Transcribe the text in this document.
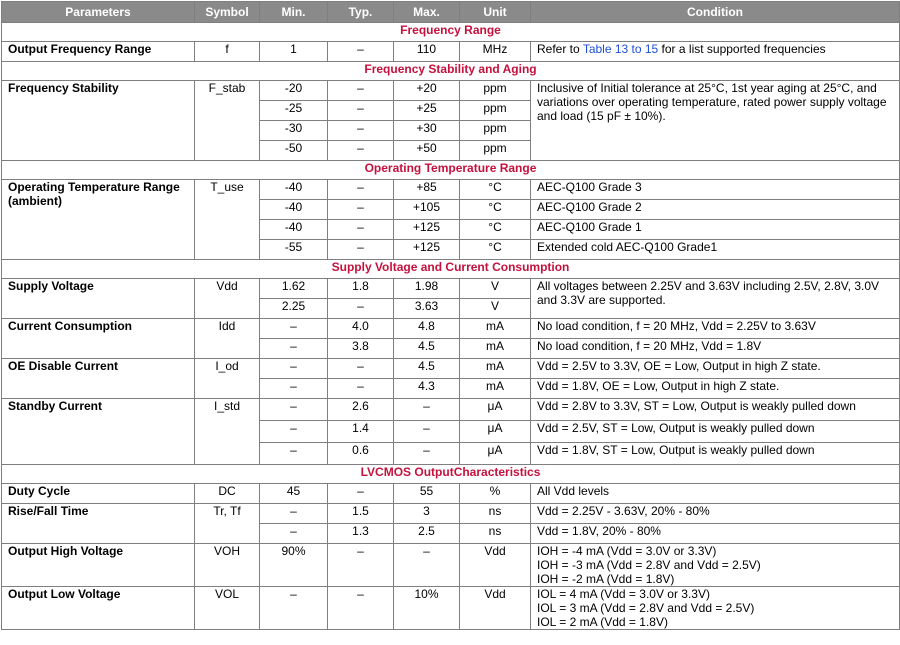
Parameters	Symbol	Min.	Typ.	Max.	Unit	Condition
Frequency Range						
Output Frequency Range	f	1	–	110	MHz	Refer to Table 13 to 15 for a list supported frequencies
Frequency Stability and Aging						
Frequency Stability	F_stab	-20	–	+20	ppm	Inclusive of Initial tolerance at 25°C, 1st year aging at 25°C, and variations over operating temperature, rated power supply voltage and load (15 pF ± 10%).
		-25	–	+25	ppm	
		-30	–	+30	ppm	
		-50	–	+50	ppm	
Operating Temperature Range						
Operating Temperature Range (ambient)	T_use	-40	–	+85	°C	AEC-Q100 Grade 3
		-40	–	+105	°C	AEC-Q100 Grade 2
		-40	–	+125	°C	AEC-Q100 Grade 1
		-55	–	+125	°C	Extended cold AEC-Q100 Grade1
Supply Voltage and Current Consumption						
Supply Voltage	Vdd	1.62	1.8	1.98	V	All voltages between 2.25V and 3.63V including 2.5V, 2.8V, 3.0V and 3.3V are supported.
		2.25	–	3.63	V	
Current Consumption	Idd	–	4.0	4.8	mA	No load condition, f = 20 MHz, Vdd = 2.25V to 3.63V
		–	3.8	4.5	mA	No load condition, f = 20 MHz, Vdd = 1.8V
OE Disable Current	I_od	–	–	4.5	mA	Vdd = 2.5V to 3.3V, OE = Low, Output in high Z state.
		–	–	4.3	mA	Vdd = 1.8V, OE = Low, Output in high Z state.
Standby Current	I_std	–	2.6	–	μA	Vdd = 2.8V to 3.3V, $\overline{ST}$ = Low, Output is weakly pulled down
		–	1.4	–	μA	Vdd = 2.5V, $\overline{ST}$ = Low, Output is weakly pulled down
		–	0.6	–	μA	Vdd = 1.8V, $\overline{ST}$ = Low, Output is weakly pulled down
LVCMOS OutputCharacteristics						
Duty Cycle	DC	45	–	55	%	All Vdd levels
Rise/Fall Time	Tr, Tf	–	1.5	3	ns	Vdd = 2.25V - 3.63V, 20% - 80%
		–	1.3	2.5	ns	Vdd = 1.8V, 20% - 80%
Output High Voltage	VOH	90%	–	–	Vdd	IOH = -4 mA (Vdd = 3.0V or 3.3V)
IOH = -3 mA (Vdd = 2.8V and Vdd = 2.5V)
IOH = -2 mA (Vdd = 1.8V)

Output Low Voltage	VOL	–	–	10%	Vdd	IOL = 4 mA (Vdd = 3.0V or 3.3V)
IOL = 3 mA (Vdd = 2.8V and Vdd = 2.5V)
IOL = 2 mA (Vdd = 1.8V)
